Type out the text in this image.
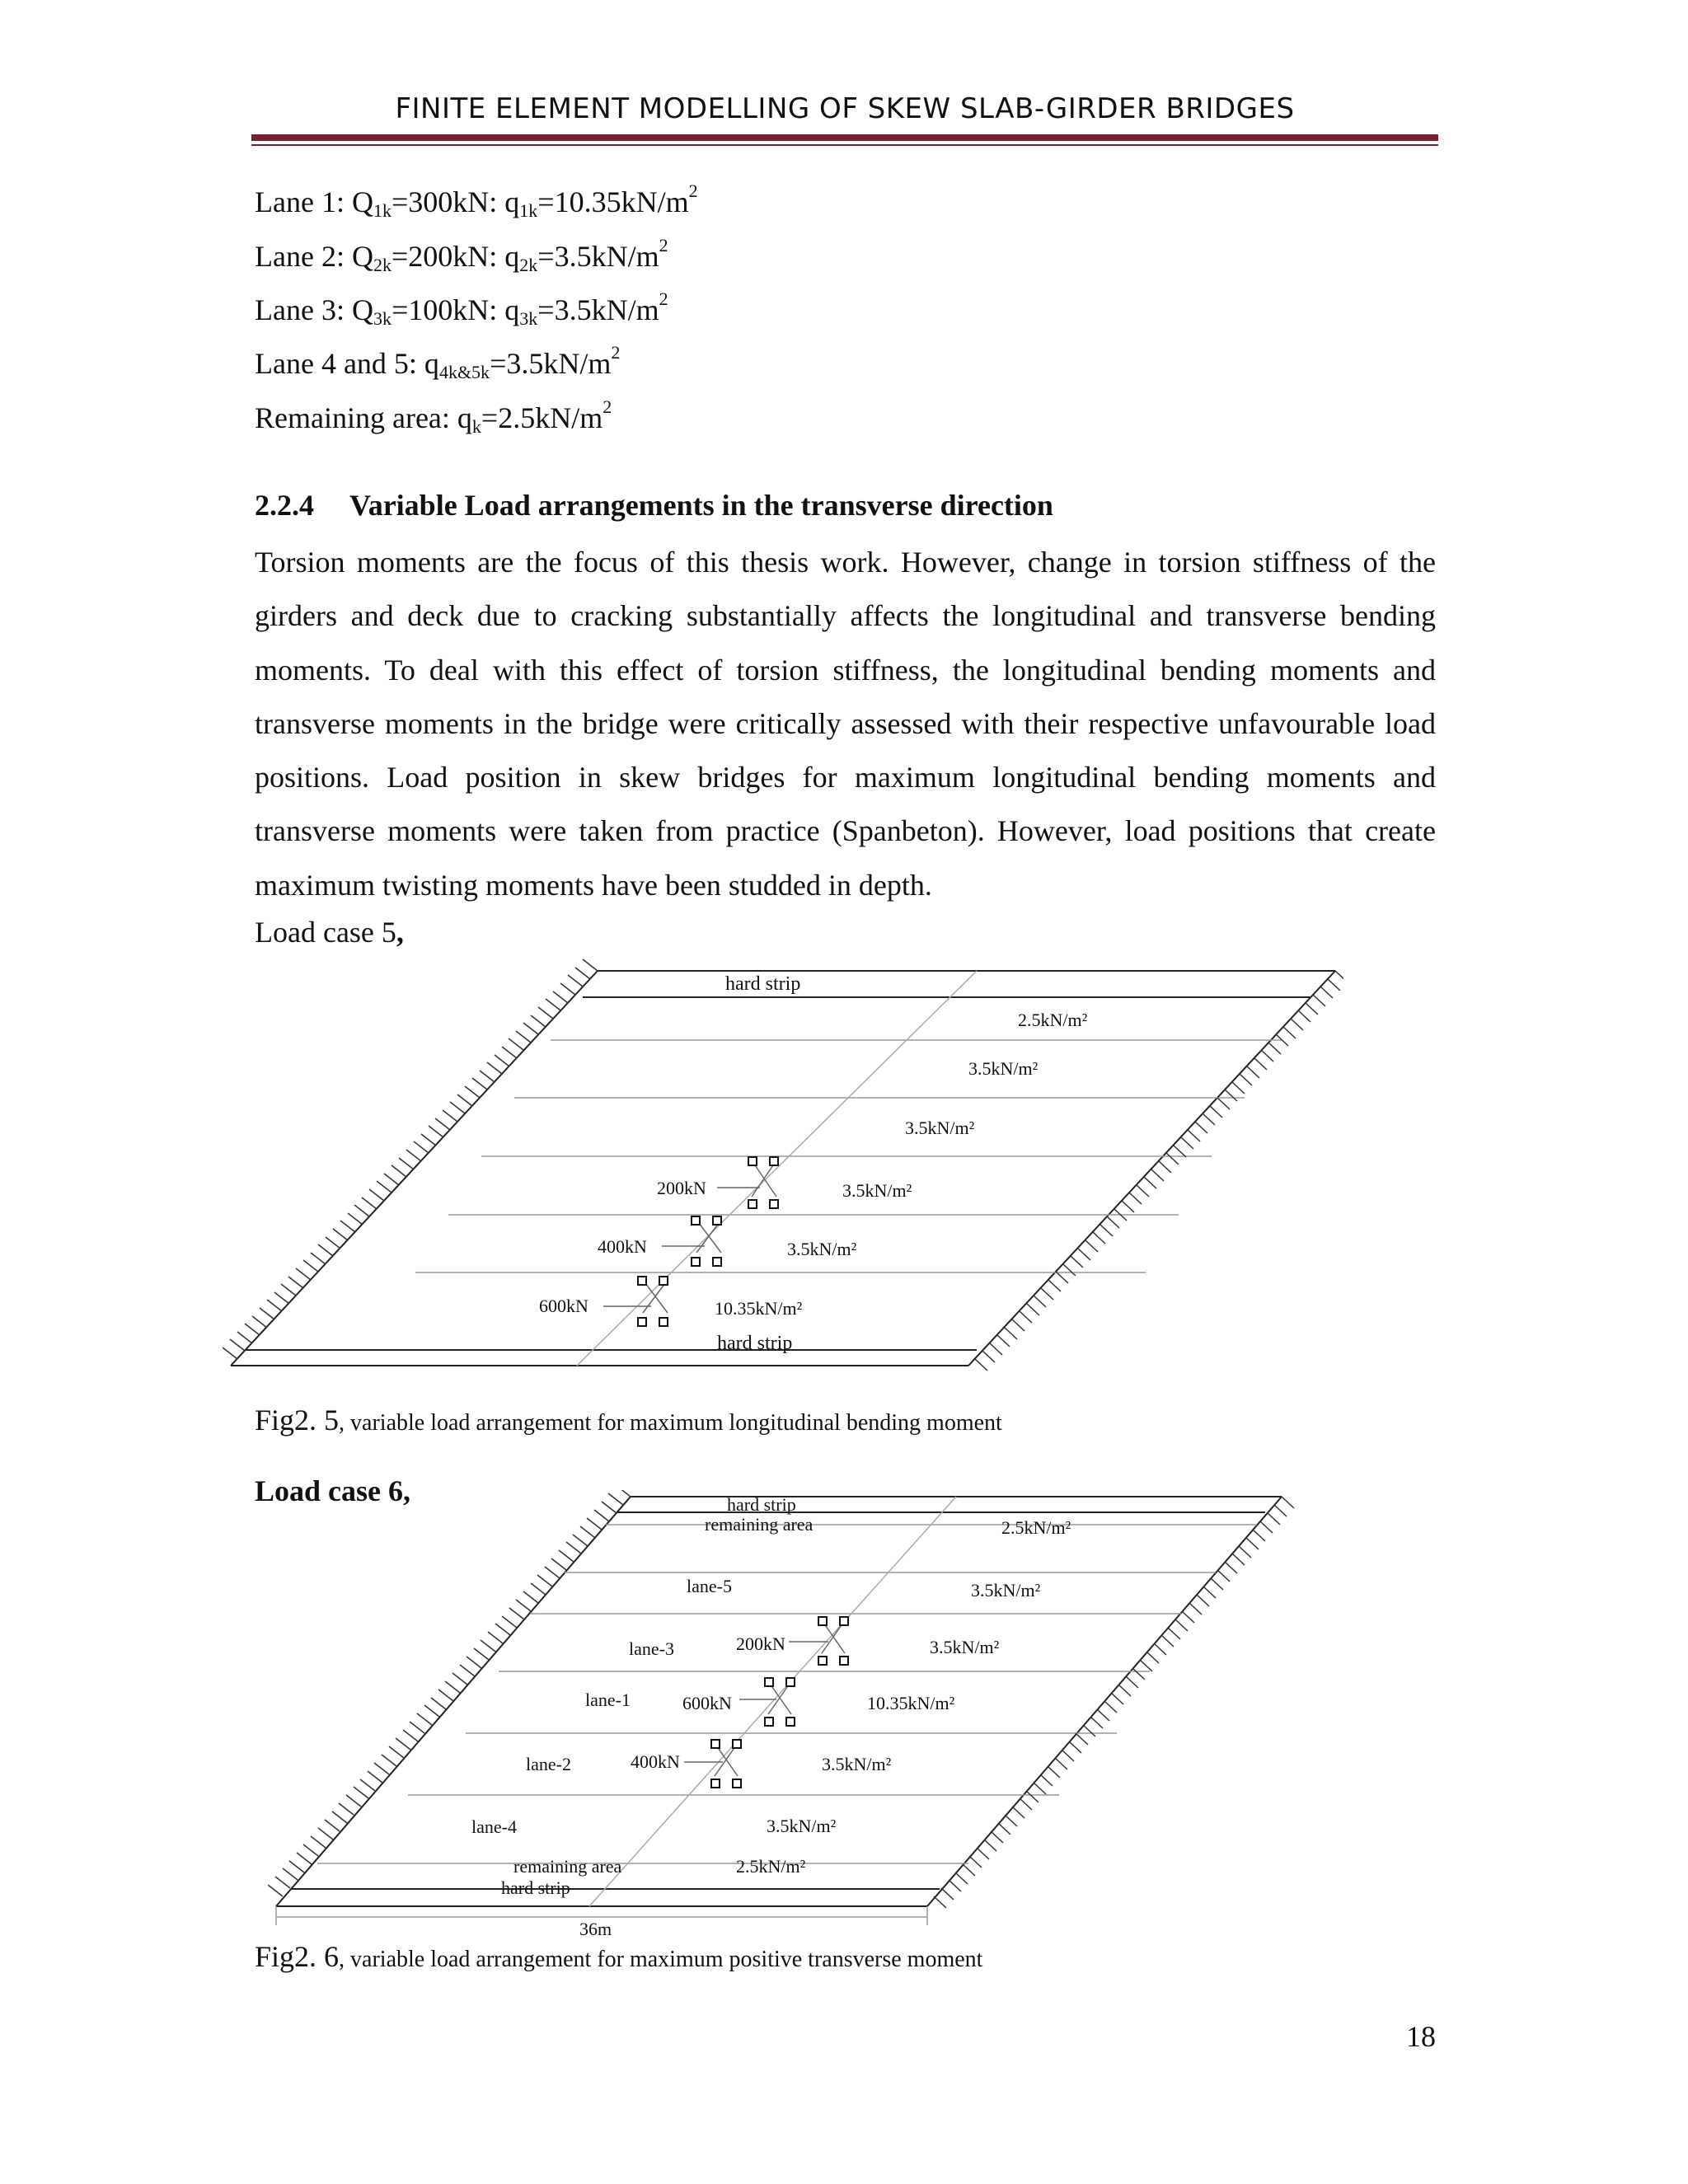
FINITE ELEMENT MODELLING OF SKEW SLAB-GIRDER BRIDGES
Lane 1: $Q_{1k}=300kN$: $q_{1k}=10.35kN/m^2$
Lane 2: $Q_{2k}=200kN$: $q_{2k}=3.5kN/m^2$
Lane 3: $Q_{3k}=100kN$: $q_{3k}=3.5kN/m^2$
Lane 4 and 5: $q_{4k\&5k}=3.5kN/m^2$
Remaining area: $q_k=2.5kN/m^2$
2.2.4 Variable Load arrangements in the transverse direction
Torsion moments are the focus of this thesis work. However, change in torsion stiffness of the girders and deck due to cracking substantially affects the longitudinal and transverse bending moments. To deal with this effect of torsion stiffness, the longitudinal bending moments and transverse moments in the bridge were critically assessed with their respective unfavourable load positions. Load position in skew bridges for maximum longitudinal bending moments and transverse moments were taken from practice (Spanbeton). However, load positions that create maximum twisting moments have been studded in depth.
Load case 5,
hard strip
hard strip
2.5kN/m²
3.5kN/m²
3.5kN/m²
3.5kN/m²
3.5kN/m²
10.35kN/m²
200kN
400kN
600kN
Fig2. 5, variable load arrangement for maximum longitudinal bending moment
Load case 6,	hard strip
remaining area	2.5kN/m²
lane-5	3.5kN/m²
lane-3	200kN	3.5kN/m²
lane-1	600kN	10.35kN/m²
lane-2	400kN	3.5kN/m²
lane-4	3.5kN/m²
remaining area	2.5kN/m²
hard strip
36m
Fig2. 6, variable load arrangement for maximum positive transverse moment
18
